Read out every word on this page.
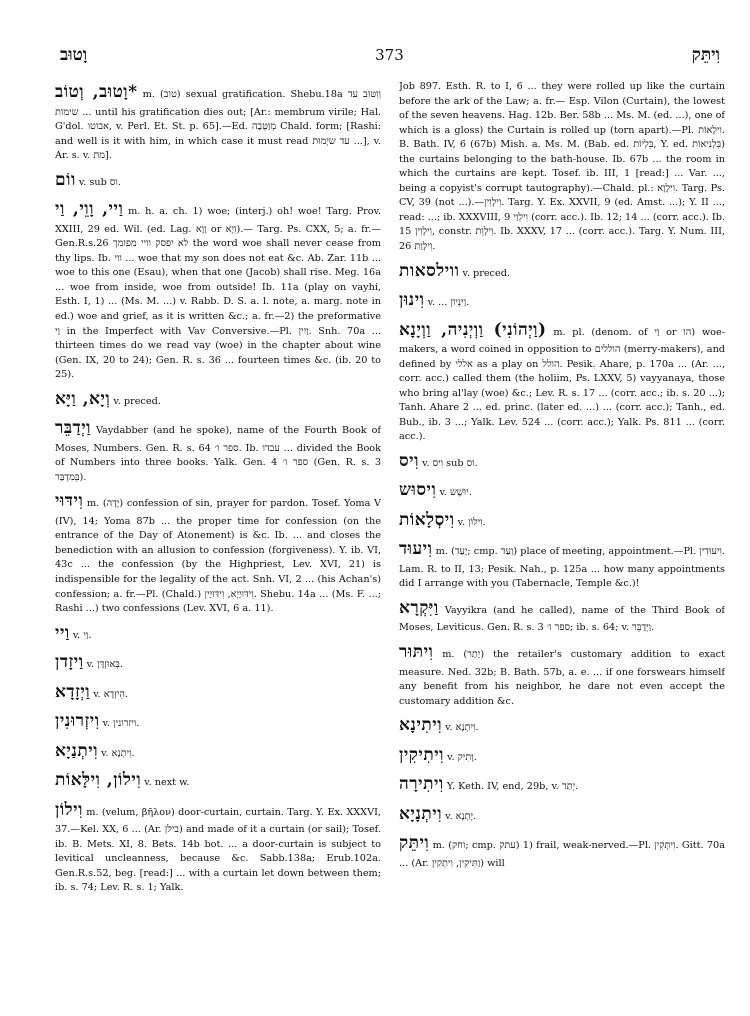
וָטוּב	373	וִיתֵּק

*וָטוּב, וְטוֹב m. (טוב) sexual gratification. Shebu.18a וְוִטּוּב עד שימות ... until his gratification dies out; [Ar.: membrum virile; Hal. G'dol. אבוטו, v. Perl. Et. St. p. 65].—Ed. מְוַטְּבָה Chald. form; [Rashi: and well is it with him, in which case it must read עד שיְמוּת ...], v. Ar. s. v. מת].

ווֹם v. sub וס.

וַיי, וָוֵי, וַי m. h. a. ch. 1) woe; (interj.) oh! woe! Targ. Prov. XXIII, 29 ed. Wil. (ed. Lag. וָוָא or וִיָא).— Targ. Ps. CXX, 5; a. fr.—Gen.R.s.26 לא יפסק וויי מפומך the word woe shall never cease from thy lips. Ib. ווי ... woe that my son does not eat &c. Ab. Zar. 11b ... woe to this one (Esau), when that one (Jacob) shall rise. Meg. 16a ... woe from inside, woe from outside! Ib. 11a (play on vayhi, Esth. I, 1) ... (Ms. M. ...) v. Rabb. D. S. a. l. note, a. marg. note in ed.) woe and grief, as it is written &c.; a. fr.—2) the preformative וַי in the Imperfect with Vav Conversive.—Pl. וַיִין. Snh. 70a ... thirteen times do we read vay (woe) in the chapter about wine (Gen. IX, 20 to 24); Gen. R. s. 36 ... fourteen times &c. (ib. 20 to 25).

וְיָא, וַיָּא v. preced.

וַיְדַבֵּר Vaydabber (and he spoke), name of the Fourth Book of Moses, Numbers. Gen. R. s. 64 ספר ו׳. Ib. עבדו ... divided the Book of Numbers into three books. Yalk. Gen. 4 ספר ו׳ (Gen. R. s. 3 בְּמִדְבַּר).

וִידּוּי m. (יָדָה) confession of sin, prayer for pardon. Tosef. Yoma V (IV), 14; Yoma 87b ... the proper time for confession (on the entrance of the Day of Atonement) is &c. Ib. ... and closes the benediction with an allusion to confession (forgiveness). Y. ib. VI, 43c ... the confession (by the Highpriest, Lev. XVI, 21) is indispensible for the legality of the act. Snh. VI, 2 ... (his Achan's) confession; a. fr.—Pl. (Chald.) וִידּוּיַיָא, וִידּוּיַין. Shebu. 14a ... (Ms. F. ...; Rashi ...) two confessions (Lev. XVI, 6 a. 11).

וַיי v. וַי.

וַיזָדן v. בְּאוּזְדָּן.

וַיְזָדָא v. הֵיזְדָא.

וִיזְרוּנִין v. ויזרונין.

וִיתְנַיָא v. וִיתְנָא.

וִילוֹן, וִילָּאוֹת v. next w.

וִילוֹן m. (velum, βῆλον) door-curtain, curtain. Targ. Y. Ex. XXXVI, 37.—Kel. XX, 6 ... (Ar. בילן) and made of it a curtain (or sail); Tosef. ib. B. Mets. XI, 8. Bets. 14b bot. ... a door-curtain is subject to levitical uncleanness, because &c. Sabb.138a; Erub.102a. Gen.R.s.52, beg. [read:] ... with a curtain let down between them; ib. s. 74; Lev. R. s. 1; Yalk.

Job 897. Esth. R. to I, 6 ... they were rolled up like the curtain before the ark of the Law; a. fr.— Esp. Vilon (Curtain), the lowest of the seven heavens. Hag. 12b. Ber. 58b ... Ms. M. (ed. ...), one of which is a gloss) the Curtain is rolled up (torn apart).—Pl. וִילָאוֹת. B. Bath. IV, 6 (67b) Mish. a. Ms. M. (Bab. ed. בִּלְיוֹת, Y. ed. בִּלְנִיאוֹת) the curtains belonging to the bath-house. Ib. 67b ... the room in which the curtains are kept. Tosef. ib. III, 1 [read:] ... Var. ..., being a copyist's corrupt tautography).—Chald. pl.: וִילָוָא. Targ. Ps. CV, 39 (not ...).—וִילָוִין. Targ. Y. Ex. XXVII, 9 (ed. Amst. ...); Y. II ..., read: ...; ib. XXXVIII, 9 וִילְוַי (corr. acc.). Ib. 12; 14 ... (corr. acc.). Ib. 15 וִילָוִין, constr. וִילָוֵת. Ib. XXXV, 17 ... (corr. acc.). Targ. Y. Num. III, 26 וִילָוַת.

ווילסאות v. preced.

וִינוּן v. ... וַיִּנְיון.

(וַיְהוֹנִי) וַוְיְנִיה, וַוְיָנָא m. pl. (denom. of וַי or הו) woe-makers, a word coined in opposition to הוללים (merry-makers), and defined by אללי as a play on הולל. Pesik. Ahare, p. 170a ... (Ar. ..., corr. acc.) called them (the holiim, Ps. LXXV, 5) vayyanaya, those who bring al'lay (woe) &c.; Lev. R. s. 17 ... (corr. acc.; ib. s. 20 ...); Tanh. Ahare 2 ... ed. princ. (later ed. ...) ... (corr. acc.); Tanh., ed. Bub., ib. 3 ...; Yalk. Lev. 524 ... (corr. acc.); Yalk. Ps. 811 ... (corr. acc.).

וִיס v. וִיס sub וס.

וִיסוּש v. יוּשֶׁש.

וִיסְלָאוֹת v. וִילוֹן.

וִיעוּד m. (יָעַד; cmp. וַעַד) place of meeting, appointment.—Pl. וִיעוּדִין. Lam. R. to II, 13; Pesik. Nah., p. 125a ... how many appointments did I arrange with you (Tabernacle, Temple &c.)!

וַיִּקְרָא Vayyikra (and he called), name of the Third Book of Moses, Leviticus. Gen. R. s. 3 ספר ו׳; ib. s. 64; v. וַיְדַבֵּר.

וִיתּוּר m. (יָתַר) the retailer's customary addition to exact measure. Ned. 32b; B. Bath. 57b, a. e. ... if one forswears himself any benefit from his neighbor, he dare not even accept the customary addition &c.

וִיתִינָא v. וִיתְנָא.

וִיתִיקִין v. וָתִיק.

וִיתִירָה Y. Keth. IV, end, 29b, v. יְתַר.

וִיתְנָיָא v. יָתְנָא.

וִיתֵּק m. (וחק; cmp. עתק) 1) frail, weak-nerved.—Pl. וִיתְּקִין. Gitt. 70a ... (Ar. וַתִּיקִין, וִיתְקִין) will
